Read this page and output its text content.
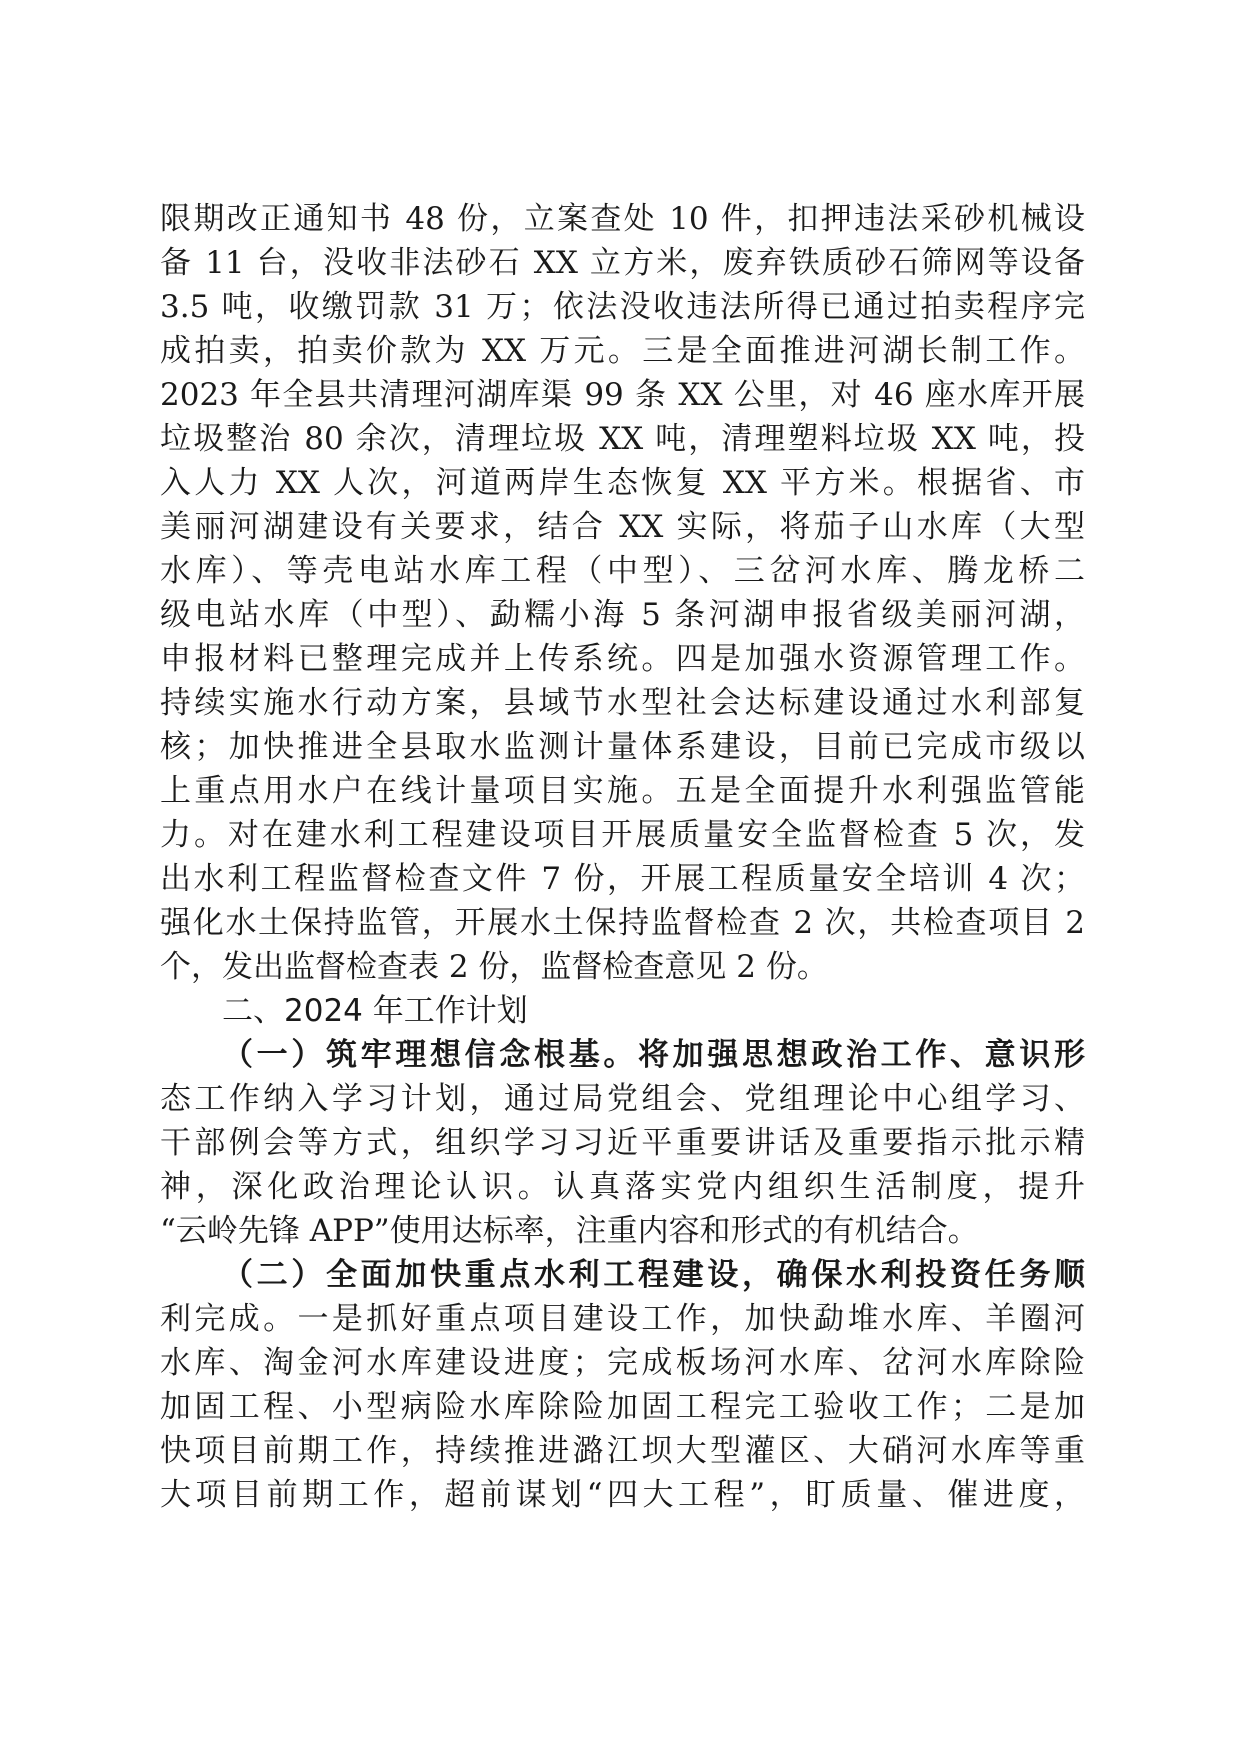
限期改正通知书 48 份，立案查处 10 件，扣押违法采砂机械设

备 11 台，没收非法砂石 XX 立方米，废弃铁质砂石筛网等设备

3.5 吨，收缴罚款 31 万；依法没收违法所得已通过拍卖程序完

成拍卖，拍卖价款为 XX 万元。三是全面推进河湖长制工作。

2023 年全县共清理河湖库渠 99 条 XX 公里，对 46 座水库开展

垃圾整治 80 余次，清理垃圾 XX 吨，清理塑料垃圾 XX 吨，投

入人力 XX 人次，河道两岸生态恢复 XX 平方米。根据省、市

美丽河湖建设有关要求，结合 XX 实际，将茄子山水库（大型

水库）、等壳电站水库工程（中型）、三岔河水库、腾龙桥二

级电站水库（中型）、勐糯小海 5 条河湖申报省级美丽河湖，

申报材料已整理完成并上传系统。四是加强水资源管理工作。

持续实施水行动方案，县域节水型社会达标建设通过水利部复

核；加快推进全县取水监测计量体系建设，目前已完成市级以

上重点用水户在线计量项目实施。五是全面提升水利强监管能

力。对在建水利工程建设项目开展质量安全监督检查 5 次，发

出水利工程监督检查文件 7 份，开展工程质量安全培训 4 次；

强化水土保持监管，开展水土保持监督检查 2 次，共检查项目 2

个，发出监督检查表 2 份，监督检查意见 2 份。

二、2024 年工作计划

（一）筑牢理想信念根基。将加强思想政治工作、意识形

态工作纳入学习计划，通过局党组会、党组理论中心组学习、

干部例会等方式，组织学习习近平重要讲话及重要指示批示精

神，深化政治理论认识。认真落实党内组织生活制度，提升

“云岭先锋 APP”使用达标率，注重内容和形式的有机结合。

（二）全面加快重点水利工程建设，确保水利投资任务顺

利完成。一是抓好重点项目建设工作，加快勐堆水库、羊圈河

水库、淘金河水库建设进度；完成板场河水库、岔河水库除险

加固工程、小型病险水库除险加固工程完工验收工作；二是加

快项目前期工作，持续推进潞江坝大型灌区、大硝河水库等重

大项目前期工作，超前谋划“四大工程”，盯质量、催进度，
